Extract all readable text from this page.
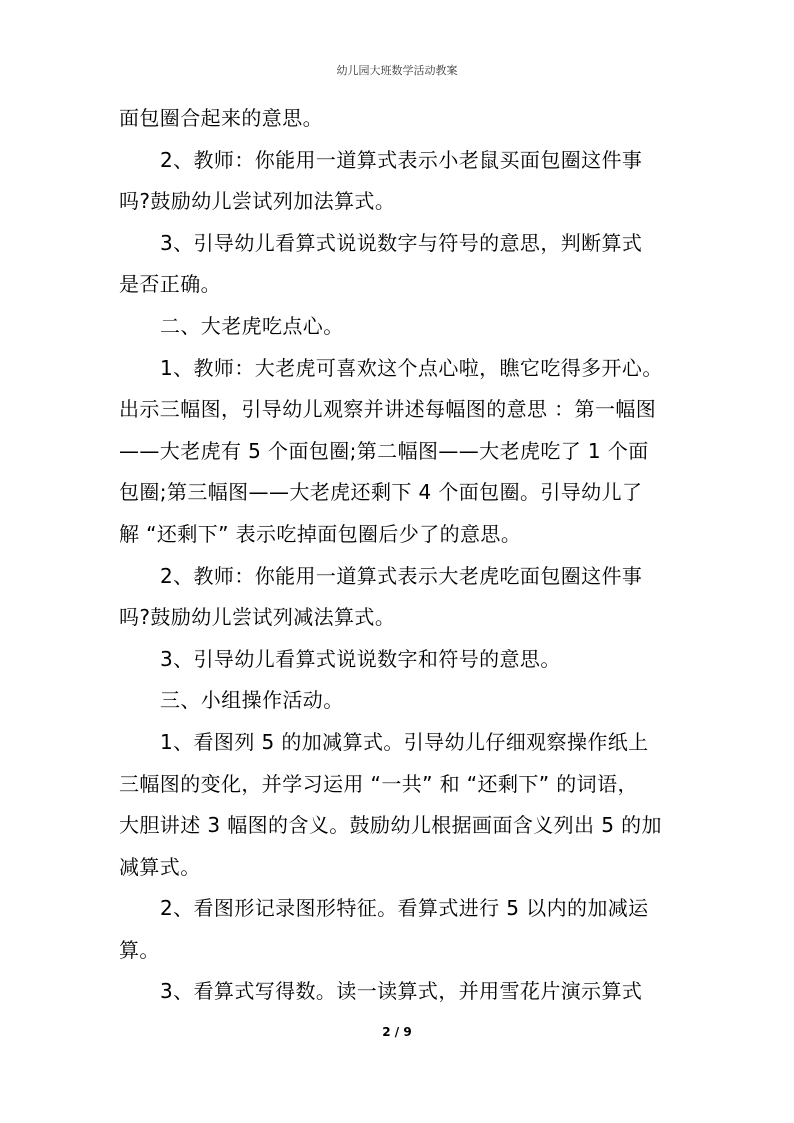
幼儿园大班数学活动教案
面包圈合起来的意思。
2、教师：你能用一道算式表示小老鼠买面包圈这件事
吗?鼓励幼儿尝试列加法算式。
3、引导幼儿看算式说说数字与符号的意思，判断算式
是否正确。
二、大老虎吃点心。
1、教师：大老虎可喜欢这个点心啦，瞧它吃得多开心。
出示三幅图，引导幼儿观察并讲述每幅图的意思 ：第一幅图
——大老虎有 5 个面包圈;第二幅图——大老虎吃了 1 个面
包圈;第三幅图——大老虎还剩下 4 个面包圈。引导幼儿了
解 “还剩下” 表示吃掉面包圈后少了的意思。
2、教师：你能用一道算式表示大老虎吃面包圈这件事
吗?鼓励幼儿尝试列减法算式。
3、引导幼儿看算式说说数字和符号的意思。
三、小组操作活动。
1、看图列 5 的加减算式。引导幼儿仔细观察操作纸上
三幅图的变化，并学习运用 “一共” 和 “还剩下” 的词语，
大胆讲述 3 幅图的含义。鼓励幼儿根据画面含义列出 5 的加
减算式。
2、看图形记录图形特征。看算式进行 5 以内的加减运
算。
3、看算式写得数。读一读算式，并用雪花片演示算式
2 / 9
